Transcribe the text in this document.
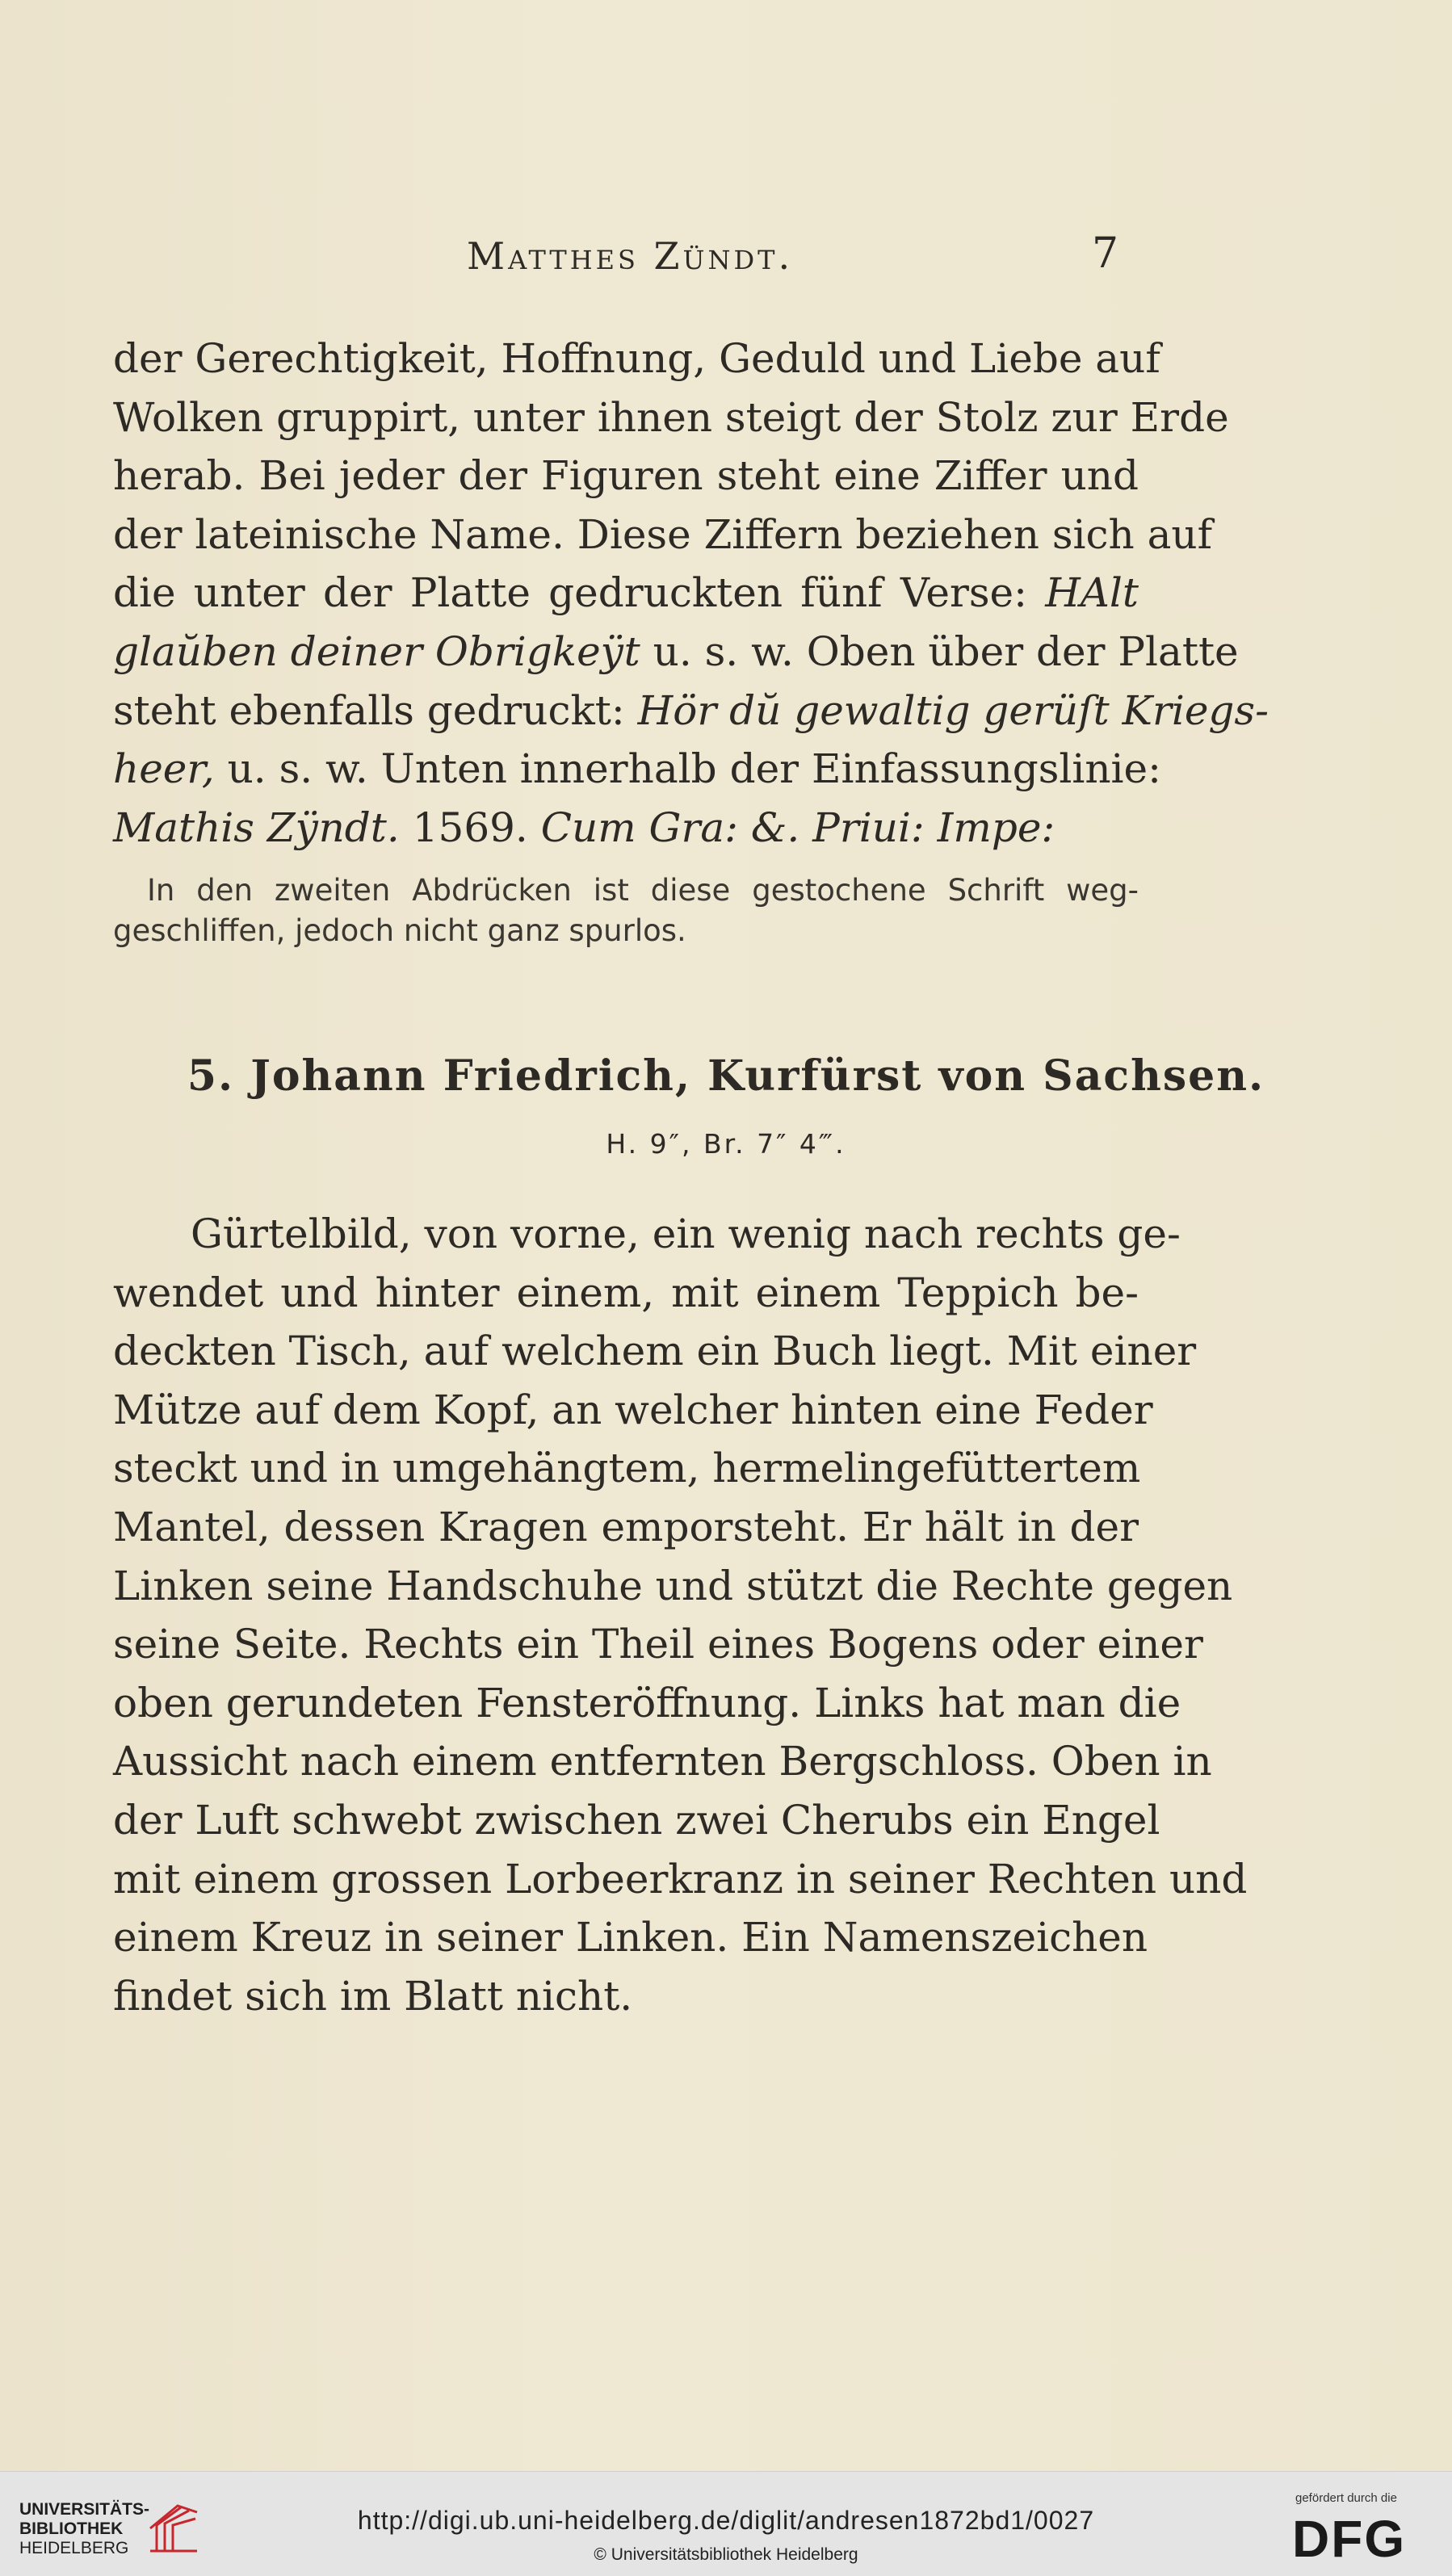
Matthes Zündt.	7
der Gerechtigkeit, Hoffnung, Geduld und Liebe auf
Wolken gruppirt, unter ihnen steigt der Stolz zur Erde
herab. Bei jeder der Figuren steht eine Ziffer und
der lateinische Name. Diese Ziffern beziehen sich auf
die unter der Platte gedruckten fünf Verse: HAlt
glaŭben deiner Obrigkeӱt u. s. w. Oben über der Platte
steht ebenfalls gedruckt: Hör dŭ gewaltig gerüſt Kriegs-
heer, u. s. w. Unten innerhalb der Einfassungslinie:
Mathis Zӱndt. 1569. Cum Gra: &. Priui: Impe:
In den zweiten Abdrücken ist diese gestochene Schrift weg-
geschliffen, jedoch nicht ganz spurlos.
5. Johann Friedrich, Kurfürst von Sachsen.
H. 9″, Br. 7″ 4‴.
Gürtelbild, von vorne, ein wenig nach rechts ge-
wendet und hinter einem, mit einem Teppich be-
deckten Tisch, auf welchem ein Buch liegt. Mit einer
Mütze auf dem Kopf, an welcher hinten eine Feder
steckt und in umgehängtem, hermelingefüttertem
Mantel, dessen Kragen emporsteht. Er hält in der
Linken seine Handschuhe und stützt die Rechte gegen
seine Seite. Rechts ein Theil eines Bogens oder einer
oben gerundeten Fensteröffnung. Links hat man die
Aussicht nach einem entfernten Bergschloss. Oben in
der Luft schwebt zwischen zwei Cherubs ein Engel
mit einem grossen Lorbeerkranz in seiner Rechten und
einem Kreuz in seiner Linken. Ein Namenszeichen
findet sich im Blatt nicht.
UNIVERSITÄTS-
BIBLIOTHEK
HEIDELBERG
http://digi.ub.uni-heidelberg.de/diglit/andresen1872bd1/0027
© Universitätsbibliothek Heidelberg
gefördert durch die
DFG
